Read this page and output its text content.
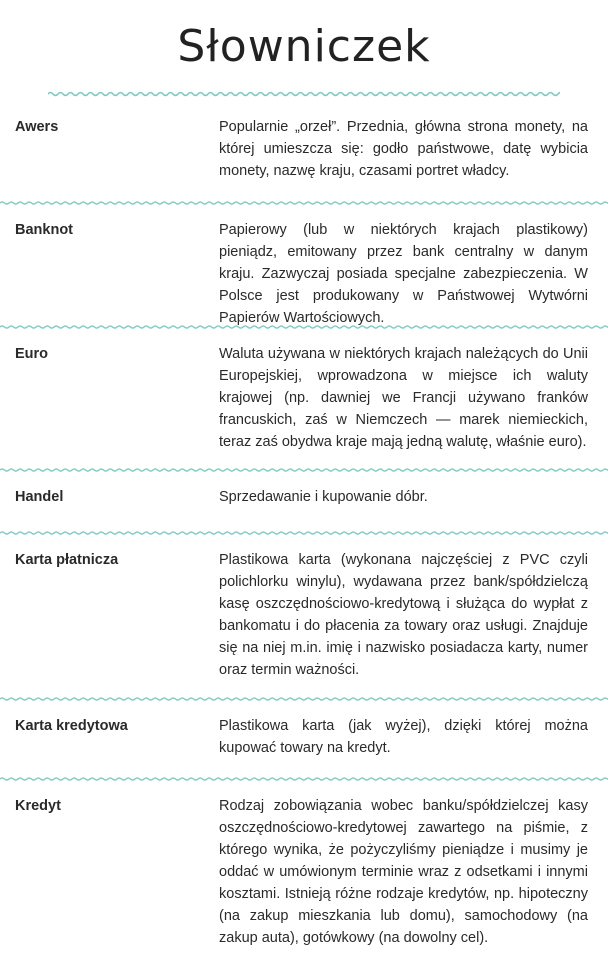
Słowniczek
Awers	Popularnie „orzeł”. Przednia, główna strona monety, na której umieszcza się: godło państwowe, datę wybicia monety, nazwę kraju, czasami portret władcy.
Banknot	Papierowy (lub w niektórych krajach plastikowy) pieniądz, emitowany przez bank centralny w danym kraju. Zazwyczaj posiada specjalne zabezpieczenia. W Polsce jest produkowany w Państwowej Wytwórni Papierów Wartościowych.
Euro	Waluta używana w niektórych krajach należących do Unii Europejskiej, wprowadzona w miejsce ich waluty krajowej (np. dawniej we Francji używano franków francuskich, zaś w Niemczech — marek niemieckich, teraz zaś obydwa kraje mają jedną walutę, właśnie euro).
Handel	Sprzedawanie i kupowanie dóbr.
Karta płatnicza	Plastikowa karta (wykonana najczęściej z PVC czyli polichlorku winylu), wydawana przez bank/spółdzielczą kasę oszczędnościowo-kredytową i służąca do wypłat z bankomatu i do płacenia za towary oraz usługi. Znajduje się na niej m.in. imię i nazwisko posiadacza karty, numer oraz termin ważności.
Karta kredytowa	Plastikowa karta (jak wyżej), dzięki której można kupować towary na kredyt.
Kredyt	Rodzaj zobowiązania wobec banku/spółdzielczej kasy oszczędnościowo-kredytowej zawartego na piśmie, z którego wynika, że pożyczyliśmy pieniądze i musimy je oddać w umówionym terminie wraz z odsetkami i innymi kosztami. Istnieją różne rodzaje kredytów, np. hipoteczny (na zakup mieszkania lub domu), samochodowy (na zakup auta), gotówkowy (na dowolny cel).
